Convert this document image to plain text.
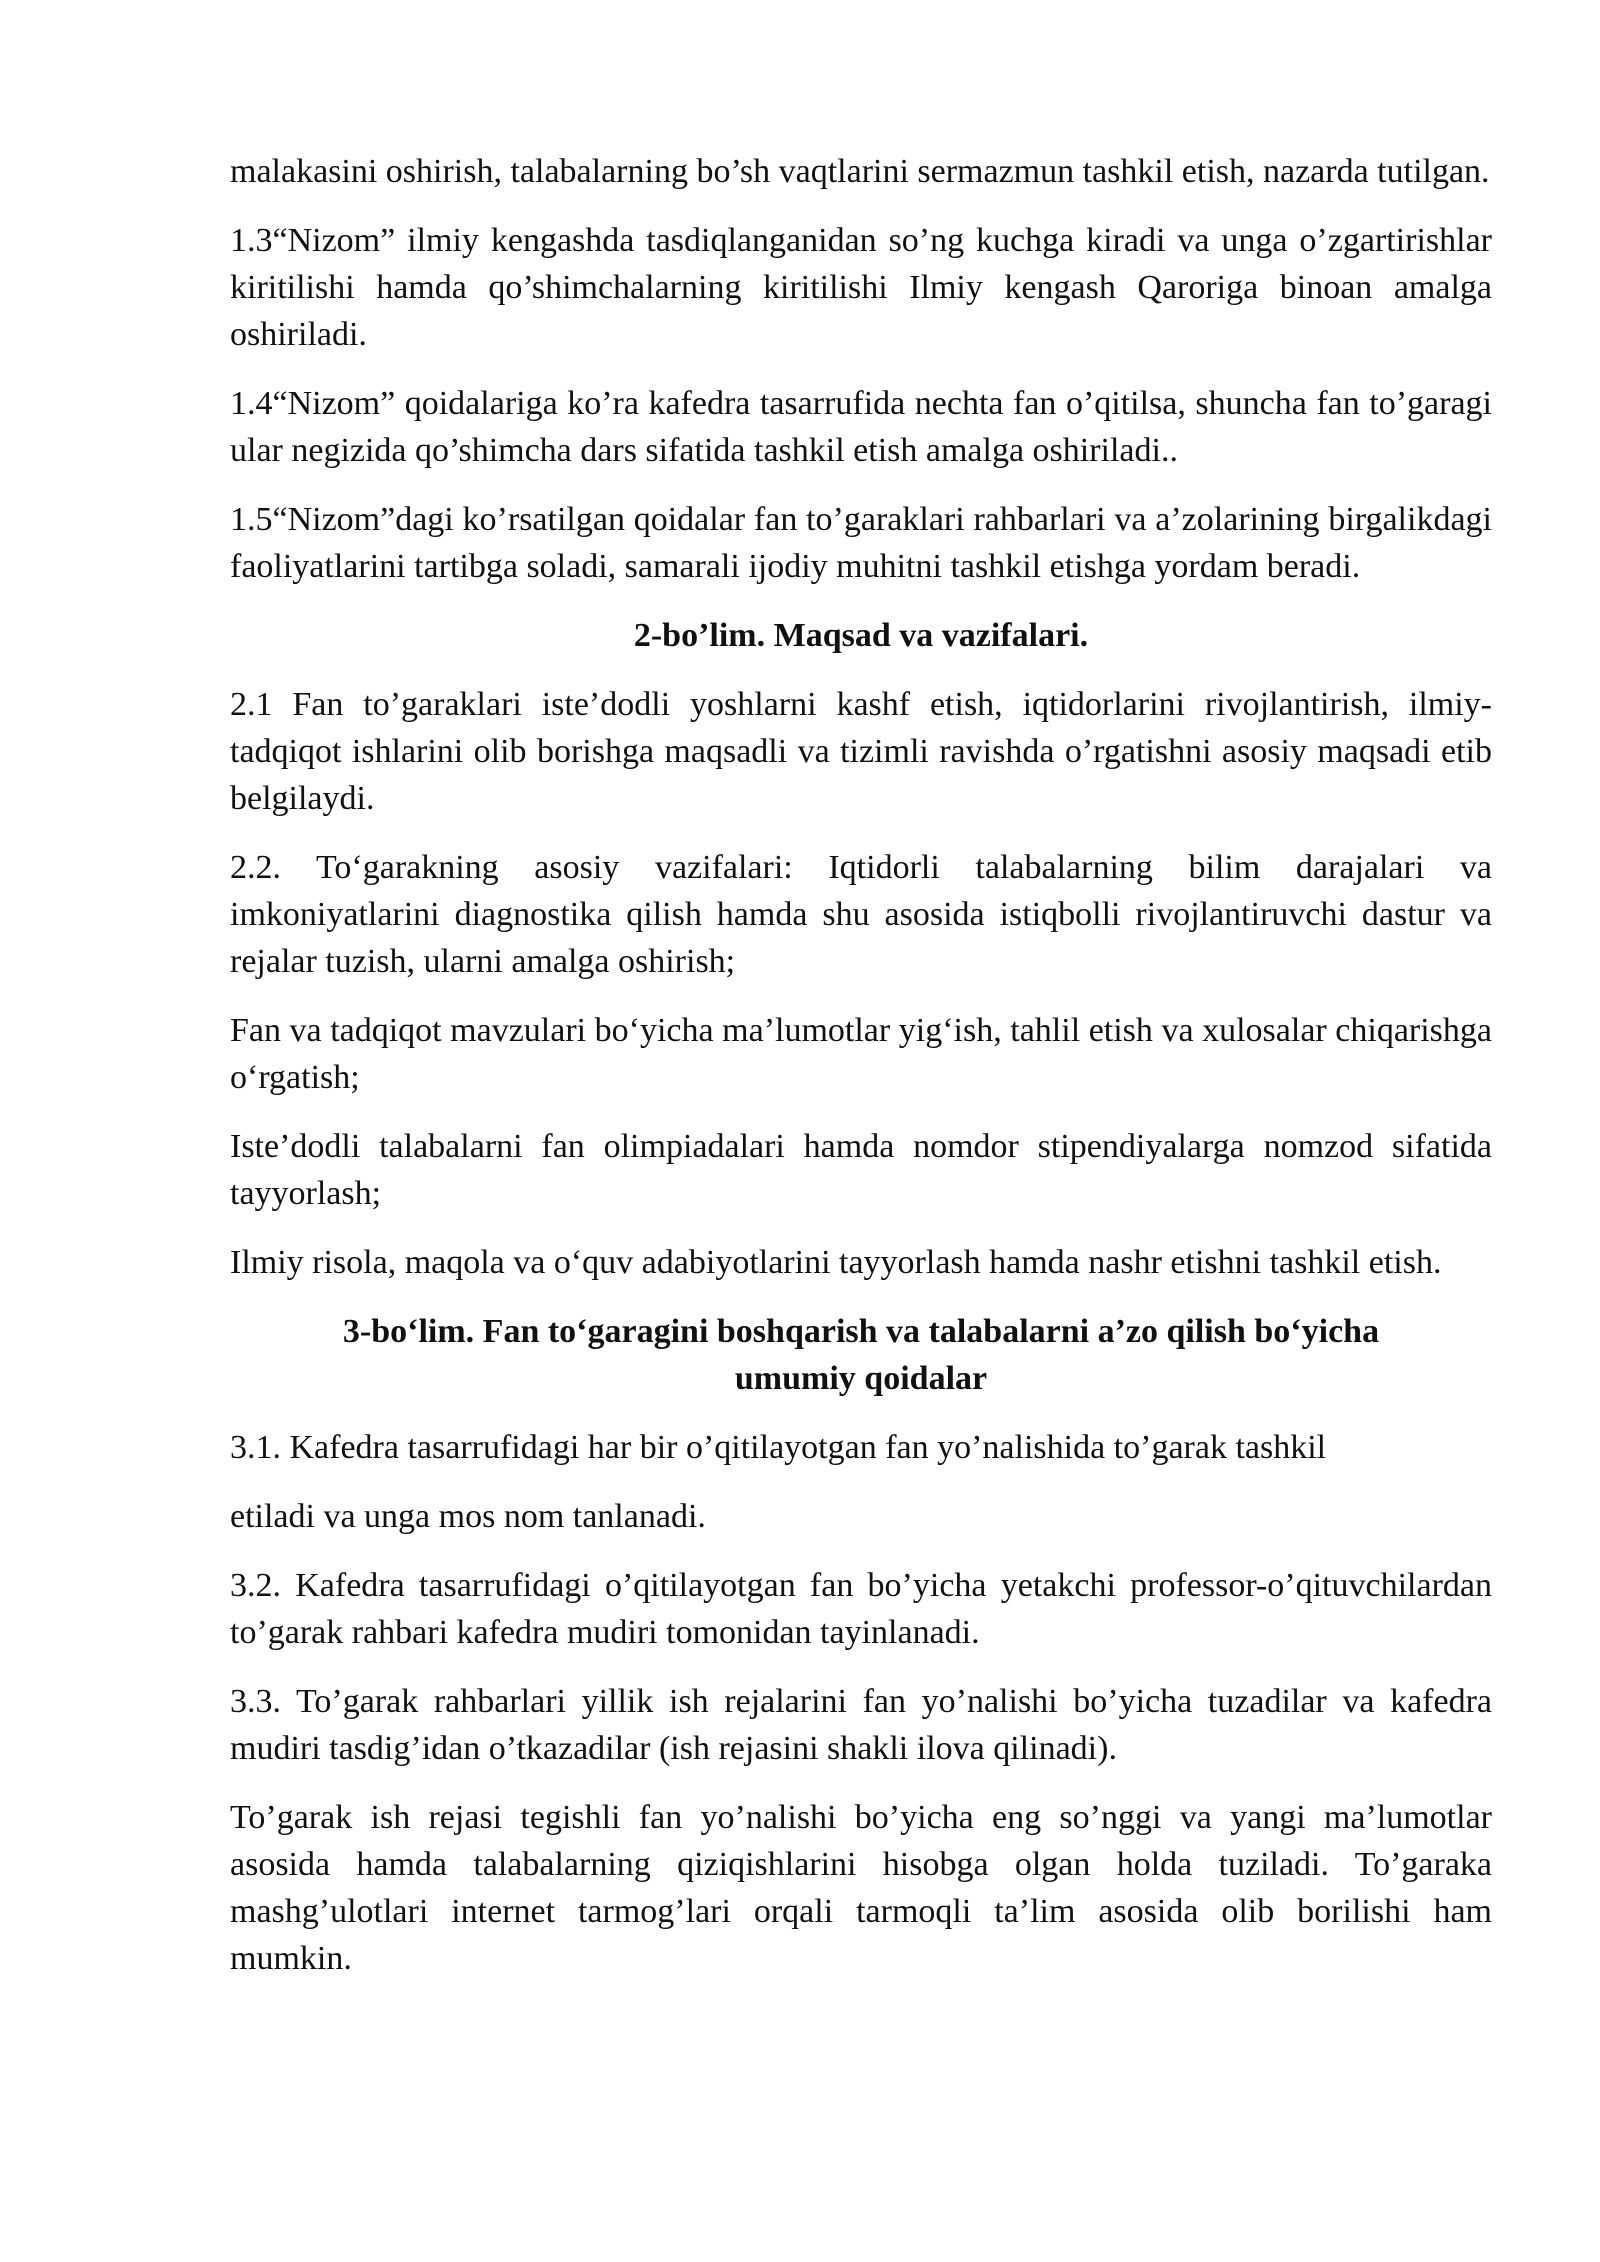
malakasini oshirish, talabalarning bo’sh vaqtlarini sermazmun tashkil etish, nazarda tutilgan.

1.3“Nizom” ilmiy kengashda tasdiqlanganidan so’ng kuchga kiradi va unga o’zgartirishlar kiritilishi hamda qo’shimchalarning kiritilishi Ilmiy kengash Qaroriga binoan amalga oshiriladi.

1.4“Nizom” qoidalariga ko’ra kafedra tasarrufida nechta fan o’qitilsa, shuncha fan to’garagi ular negizida qo’shimcha dars sifatida tashkil etish amalga oshiriladi..

1.5“Nizom”dagi ko’rsatilgan qoidalar fan to’garaklari rahbarlari va a’zolarining birgalikdagi faoliyatlarini tartibga soladi, samarali ijodiy muhitni tashkil etishga yordam beradi.

2-bo’lim. Maqsad va vazifalari.

2.1 Fan to’garaklari iste’dodli yoshlarni kashf etish, iqtidorlarini rivojlantirish, ilmiy-tadqiqot ishlarini olib borishga maqsadli va tizimli ravishda o’rgatishni asosiy maqsadi etib belgilaydi.

2.2. To‘garakning asosiy vazifalari: Iqtidorli talabalarning bilim darajalari va imkoniyatlarini diagnostika qilish hamda shu asosida istiqbolli rivojlantiruvchi dastur va rejalar tuzish, ularni amalga oshirish;

Fan va tadqiqot mavzulari bo‘yicha ma’lumotlar yig‘ish, tahlil etish va xulosalar chiqarishga o‘rgatish;

Iste’dodli talabalarni fan olimpiadalari hamda nomdor stipendiyalarga nomzod sifatida tayyorlash;

Ilmiy risola, maqola va o‘quv adabiyotlarini tayyorlash hamda nashr etishni tashkil etish.

3-bo‘lim. Fan to‘garagini boshqarish va talabalarni a’zo qilish bo‘yicha
umumiy qoidalar

3.1. Kafedra tasarrufidagi har bir o’qitilayotgan fan yo’nalishida to’garak tashkil

etiladi va unga mos nom tanlanadi.

3.2. Kafedra tasarrufidagi o’qitilayotgan fan bo’yicha yetakchi professor-o’qituvchilardan to’garak rahbari kafedra mudiri tomonidan tayinlanadi.

3.3. To’garak rahbarlari yillik ish rejalarini fan yo’nalishi bo’yicha tuzadilar va kafedra mudiri tasdig’idan o’tkazadilar (ish rejasini shakli ilova qilinadi).

To’garak ish rejasi tegishli fan yo’nalishi bo’yicha eng so’nggi va yangi ma’lumotlar asosida hamda talabalarning qiziqishlarini hisobga olgan holda tuziladi. To’garaka mashg’ulotlari internet tarmog’lari orqali tarmoqli ta’lim asosida olib borilishi ham mumkin.
